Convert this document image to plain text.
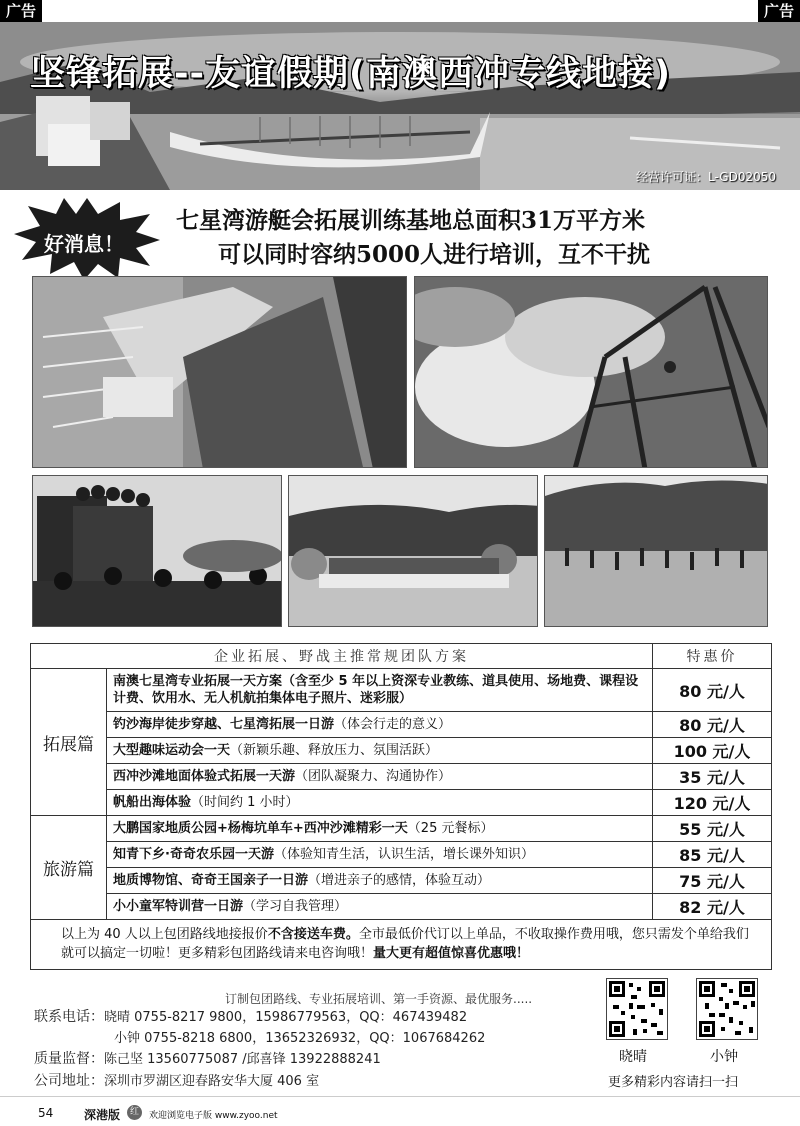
广告	广告
坚锋拓展--友谊假期(南澳西冲专线地接)
经营许可证：L-GD02050
好消息！
七星湾游艇会拓展训练基地总面积31万平方米
可以同时容纳5000人进行培训，互不干扰
企业拓展、野战主推常规团队方案		特惠价
拓展篇	南澳七星湾专业拓展一天方案（含至少 5 年以上资深专业教练、道具使用、场地费、课程设计费、饮用水、无人机航拍集体电子照片、迷彩服）	80 元/人
	钓沙海岸徒步穿越、七星湾拓展一日游（体会行走的意义）	80 元/人
	大型趣味运动会一天（新颖乐趣、释放压力、氛围活跃）	100 元/人
	西冲沙滩地面体验式拓展一天游（团队凝聚力、沟通协作）	35 元/人
	帆船出海体验（时间约 1 小时）	120 元/人
旅游篇	大鹏国家地质公园+杨梅坑单车+西冲沙滩精彩一天（25 元餐标）	55 元/人
	知青下乡·奇奇农乐园一天游（体验知青生活，认识生活，增长课外知识）	85 元/人
	地质博物馆、奇奇王国亲子一日游（增进亲子的感情，体验互动）	75 元/人
	小小童军特训营一日游（学习自我管理）	82 元/人
以上为 40 人以上包团路线地接报价不含接送车费。全市最低价代订以上单品，不收取操作费用哦，您只需发个单给我们就可以搞定一切啦！更多精彩包团路线请来电咨询哦！量大更有超值惊喜优惠哦！		
订制包团路线、专业拓展培训、第一手资源、最优服务.....
联系电话：晓晴 0755-8217 9800，15986779563，QQ：467439482
小钟 0755-8218 6800，13652326932，QQ：1067684262
质量监督：陈己坚 13560775087 /邱喜锋 13922888241
公司地址：深圳市罗湖区迎春路安华大厦 406 室
晓晴	小钟
更多精彩内容请扫一扫
54	深港版	红	欢迎浏览电子版 www.zyoo.net
